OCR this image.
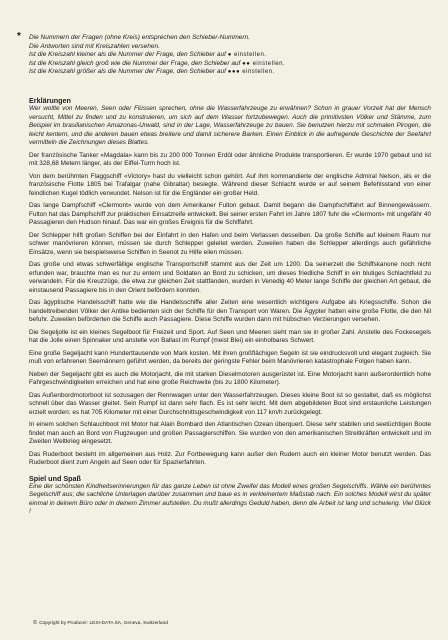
* Die Nummern der Fragen (ohne Kreis) entsprechen den Schieber-Nummern.

Die Antworten sind mit Kreiszahlen versehen.

Ist die Kreiszahl kleiner als die Nummer der Frage, den Schieber auf ● einstellen.

Ist die Kreiszahl gleich groß wie die Nummer der Frage, den Schieber auf ●● einstellen.

Ist die Kreiszahl größer als die Nummer der Frage, den Schieber auf ●●● einstellen.

Erklärungen

Wer wollte von Meeren, Seen oder Flüssen sprechen, ohne die Wasserfahrzeuge zu erwähnen? Schon in grauer Vorzeit hat der Mensch versucht, Mittel zu finden und zu konstruieren, um sich auf dem Wasser fortzubewegen. Auch die primitivsten Völker und Stämme, zum Beispiel im brasilianischen Amazonas-Urwald, sind in der Lage, Wasserfahrzeuge zu bauen. Sie benutzen hierzu mit schmalen Pirogen, die leicht kentern, und die anderen bauen etwas breitere und damit sicherere Barken. Einen Einblick in die aufregende Geschichte der Seefahrt vermitteln die Zeichnungen dieses Blattes.

Der französische Tanker «Magdala» kann bis zu 200 000 Tonnen Erdöl oder ähnliche Produkte transportieren. Er wurde 1970 gebaut und ist mit 328,68 Metern länger, als der Eiffel-Turm hoch ist.

Von dem berühmten Flaggschiff «Victory» hast du vielleicht schon gehört. Auf ihm kommandierte der englische Admiral Nelson, als er die französische Flotte 1805 bei Trafalgar (nahe Gibraltar) besiegte. Während dieser Schlacht wurde er auf seinem Befehlsstand von einer feindlichen Kugel tödlich verwundet. Nelson ist für die Engländer ein großer Held.

Das lange Dampfschiff «Clermont» wurde von dem Amerikaner Fulton gebaut. Damit begann die Dampfschiffahrt auf Binnengewässern. Fulton hat das Dampfschiff zur praktischen Einsatzreife entwickelt. Bei seiner ersten Fahrt im Jahre 1807 fuhr die «Clermont» mit ungefähr 40 Passagieren den Hudson hinauf. Das war ein großes Ereignis für die Schiffahrt.

Der Schlepper hilft großen Schiffen bei der Einfahrt in den Hafen und beim Verlassen desselben. Da große Schiffe auf kleinem Raum nur schwer manövrieren können, müssen sie durch Schlepper geleitet werden. Zuweilen haben die Schlepper allerdings auch gefährliche Einsätze, wenn sie beispielsweise Schiffen in Seenot zu Hilfe eilen müssen.

Das große und etwas schwerfällige englische Transportschiff stammt aus der Zeit um 1200. Da seinerzeit die Schiffskanone noch nicht erfunden war, brauchte man es nur zu entern und Soldaten an Bord zu schicken, um dieses friedliche Schiff in ein blutiges Schlachtfeld zu verwandeln. Für die Kreuzzüge, die etwa zur gleichen Zeit stattfanden, wurden in Venedig 40 Meter lange Schiffe der gleichen Art gebaut, die einstausend Passagiere bis in den Orient befördern konnten.

Das ägyptische Handelsschiff hatte wie die Handelsschiffe aller Zeiten eine wesentlich wichtigere Aufgabe als Kriegsschiffe. Schon die handeltreibenden Völker der Antike bedienten sich der Schiffe für den Transport von Waren. Die Ägypter hatten eine große Flotte, die den Nil befuhr. Zuweilen beförderten die Schiffe auch Passagiere. Diese Schiffe wurden dann mit hübschen Verzierungen versehen.

Die Segeljolle ist ein kleines Segelboot für Freizeit und Sport. Auf Seen und Meeren sieht man sie in großer Zahl. Anstelle des Fockesegels hat die Jolle einen Spinnaker und anstelle von Ballast im Rumpf (meist Blei) ein einholbares Schwert.

Eine große Segeljacht kann Hunderttausende von Mark kosten. Mit ihren großflächigen Segeln ist sie eindrucksvoll und elegant zugleich. Sie muß von erfahrenen Seemännern geführt werden, da bereits der geringste Fehler beim Manövrieren katastrophale Folgen haben kann.

Neben der Segeljacht gibt es auch die Motorjacht, die mit starken Dieselmotoren ausgerüstet ist. Eine Motorjacht kann außerordentlich hohe Fahrgeschwindigkeiten erreichen und hat eine große Reichweite (bis zu 1800 Kilometer).

Das Außenbordmotorboot ist sozusagen der Rennwagen unter den Wasserfahrzeugen. Dieses kleine Boot ist so gestaltet, daß es möglichst schnell über das Wasser gleitet. Sein Rumpf ist dann sehr flach. Es ist sehr leicht. Mit dem abgebildeten Boot sind erstaunliche Leistungen erzielt worden: es hat 705 Kilometer mit einer Durchschnittsgeschwindigkeit von 117 km/h zurückgelegt.

In einem solchen Schlauchboot mit Motor hat Alain Bombard den Atlantischen Ozean überquert. Diese sehr stabilen und seetüchtigen Boote findet man auch an Bord von Flugzeugen und großen Passagierschiffen. Sie wurden von den amerikanischen Streitkräften entwickelt und im Zweiten Weltkrieg eingesetzt.

Das Ruderboot besteht im allgemeinen aus Holz. Zur Fortbewegung kann außer den Rudern auch ein kleiner Motor benutzt werden. Das Ruderboot dient zum Angeln auf Seen oder für Spazierfahrten.

Spiel und Spaß

Eine der schönsten Kindheitserinnerungen für das ganze Leben ist ohne Zweifel das Modell eines großen Segelschiffs. Wähle ein berühmtes Segelschiff aus; die sachliche Unterlagen darüber zusammen und baue es in verkleinertem Maßstab nach. Ein solches Modell wirst du später einmal in deinem Büro oder in deinem Zimmer aufstellen. Du mußt allerdings Geduld haben, denn die Arbeit ist lang und schwierig. Viel Glück !

© Copyright by Producer: LEXI-DATA SA, Geneva, Switzerland
